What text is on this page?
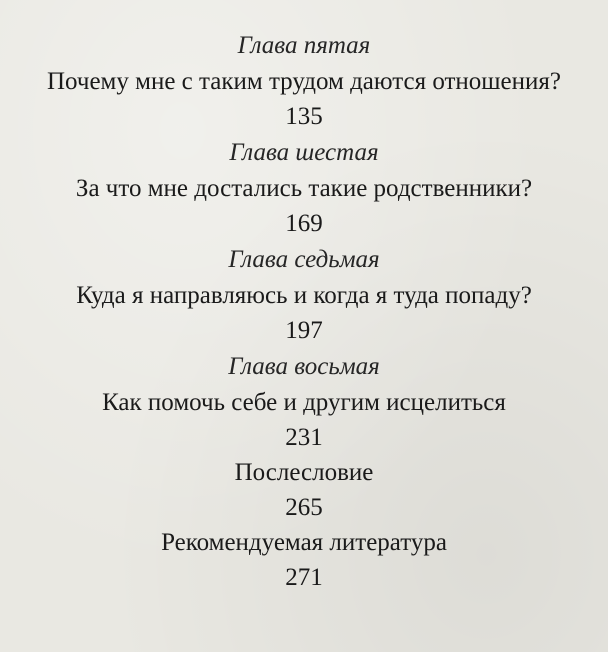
Глава пятая
Почему мне с таким трудом даются отношения?
135
Глава шестая
За что мне достались такие родственники?
169
Глава седьмая
Куда я направляюсь и когда я туда попаду?
197
Глава восьмая
Как помочь себе и другим исцелиться
231
Послесловие
265
Рекомендуемая литература
271
